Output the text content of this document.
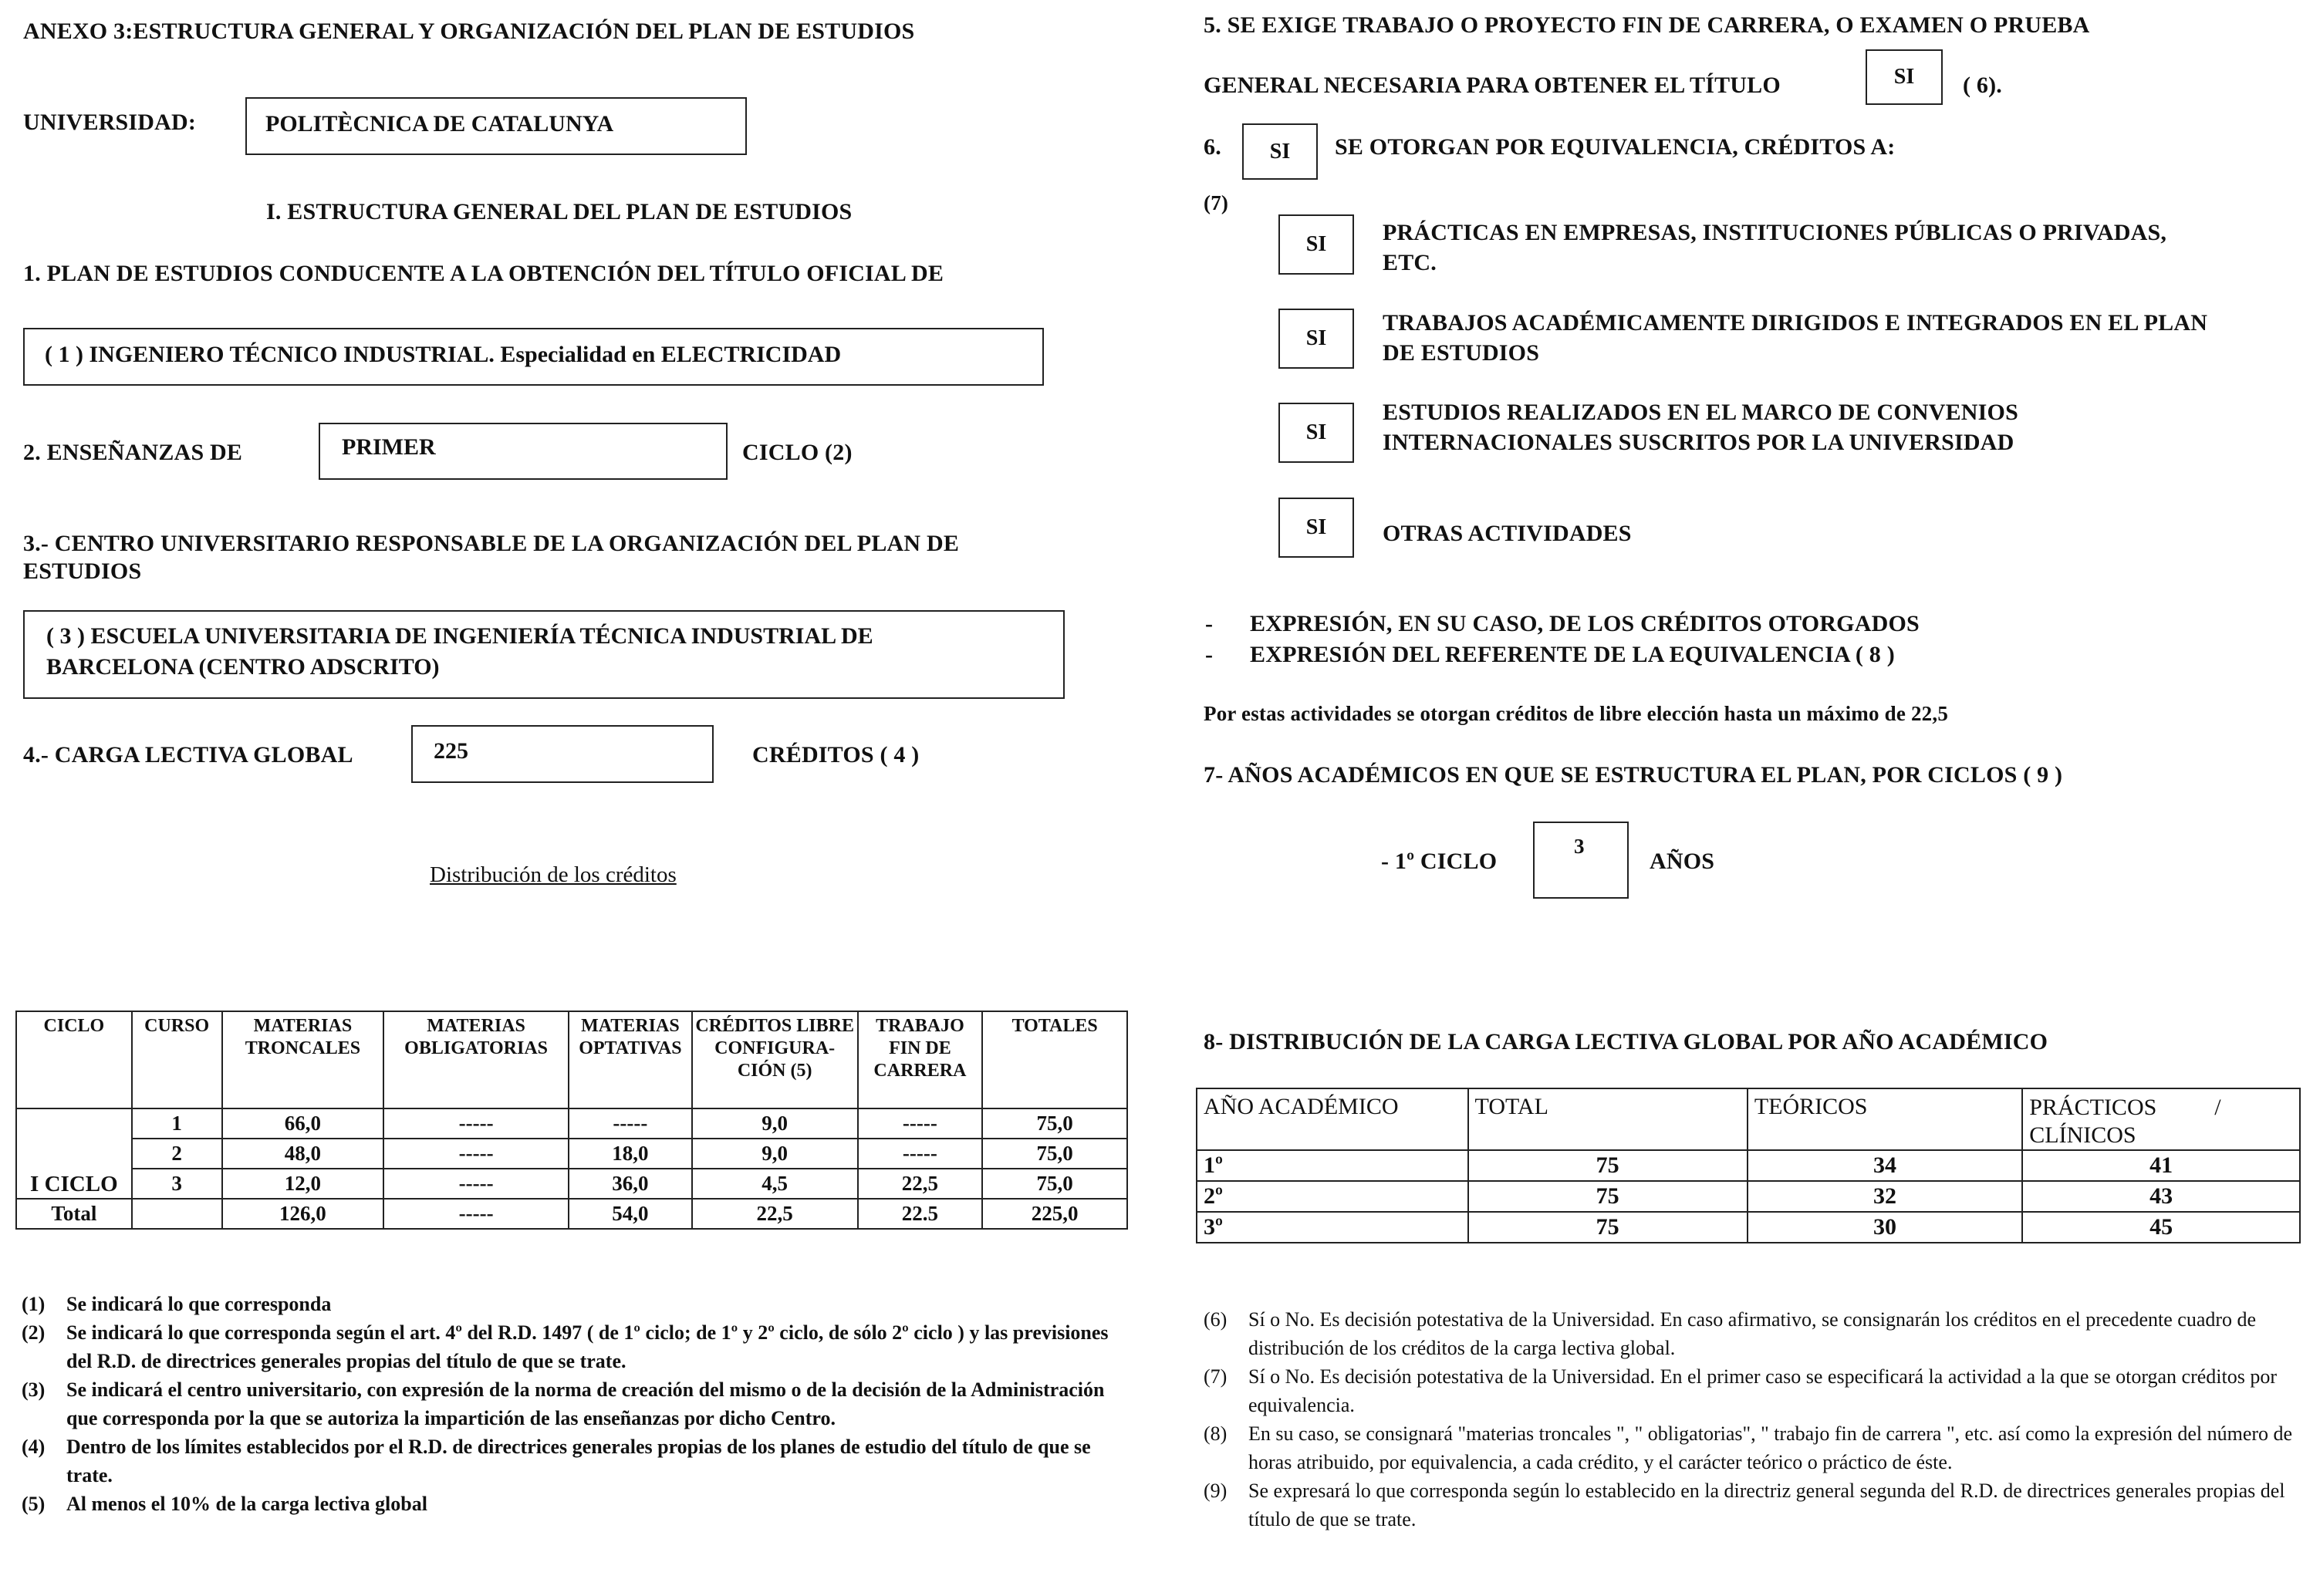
ANEXO 3:ESTRUCTURA GENERAL Y ORGANIZACIÓN DEL PLAN DE ESTUDIOS
UNIVERSIDAD:	POLITÈCNICA DE CATALUNYA
I. ESTRUCTURA GENERAL DEL PLAN DE ESTUDIOS
1. PLAN DE ESTUDIOS CONDUCENTE A LA OBTENCIÓN DEL TÍTULO OFICIAL DE
( 1 ) INGENIERO TÉCNICO INDUSTRIAL. Especialidad en ELECTRICIDAD
2. ENSEÑANZAS DE	PRIMER	CICLO (2)
3.- CENTRO UNIVERSITARIO RESPONSABLE DE LA ORGANIZACIÓN DEL PLAN DE
ESTUDIOS
( 3 ) ESCUELA UNIVERSITARIA DE INGENIERÍA TÉCNICA INDUSTRIAL DE
BARCELONA (CENTRO ADSCRITO)
4.- CARGA LECTIVA GLOBAL	225	CRÉDITOS ( 4 )
Distribución de los créditos
CICLO	CURSO	MATERIAS TRONCALES	MATERIAS OBLIGATORIAS	MATERIAS OPTATIVAS	CRÉDITOS LIBRE CONFIGURA- CIÓN (5)	TRABAJO FIN DE CARRERA	TOTALES
I CICLO	1	66,0	-----	-----	9,0	-----	75,0
	2	48,0	-----	18,0	9,0	-----	75,0
	3	12,0	-----	36,0	4,5	22,5	75,0
Total		126,0	-----	54,0	22,5	22.5	225,0
(1) Se indicará lo que corresponda
(2) Se indicará lo que corresponda según el art. 4º del R.D. 1497 ( de 1º ciclo; de 1º y 2º ciclo, de sólo 2º ciclo ) y las previsiones del R.D. de directrices generales propias del título de que se trate.
(3) Se indicará el centro universitario, con expresión de la norma de creación del mismo o de la decisión de la Administración que corresponda por la que se autoriza la impartición de las enseñanzas por dicho Centro.
(4) Dentro de los límites establecidos por el R.D. de directrices generales propias de los planes de estudio del título de que se trate.
(5) Al menos el 10% de la carga lectiva global
5. SE EXIGE TRABAJO O PROYECTO FIN DE CARRERA, O EXAMEN O PRUEBA
GENERAL NECESARIA PARA OBTENER EL TÍTULO	SI	( 6).
6.	SI	SE OTORGAN POR EQUIVALENCIA, CRÉDITOS A:
(7)
SI	PRÁCTICAS EN EMPRESAS, INSTITUCIONES PÚBLICAS O PRIVADAS,
ETC.
SI
TRABAJOS ACADÉMICAMENTE DIRIGIDOS E INTEGRADOS EN EL PLAN
DE ESTUDIOS
SI
ESTUDIOS REALIZADOS EN EL MARCO DE CONVENIOS
INTERNACIONALES SUSCRITOS POR LA UNIVERSIDAD
SI	OTRAS ACTIVIDADES
- EXPRESIÓN, EN SU CASO, DE LOS CRÉDITOS OTORGADOS
- EXPRESIÓN DEL REFERENTE DE LA EQUIVALENCIA ( 8 )
Por estas actividades se otorgan créditos de libre elección hasta un máximo de 22,5
7- AÑOS ACADÉMICOS EN QUE SE ESTRUCTURA EL PLAN, POR CICLOS ( 9 )
- 1º CICLO
3
AÑOS
8- DISTRIBUCIÓN DE LA CARGA LECTIVA GLOBAL POR AÑO ACADÉMICO
AÑO ACADÉMICO	TOTAL	TEÓRICOS	PRÁCTICOS          /
CLÍNICOS

1º	75	34	41
2º	75	32	43
3º	75	30	45
(6) Sí o No. Es decisión potestativa de la Universidad. En caso afirmativo, se consignarán los créditos en el precedente cuadro de distribución de los créditos de la carga lectiva global.
(7) Sí o No. Es decisión potestativa de la Universidad. En el primer caso se especificará la actividad a la que se otorgan créditos por equivalencia.
(8) En su caso, se consignará "materias troncales ", " obligatorias", " trabajo fin de carrera ", etc. así como la expresión del número de horas atribuido, por equivalencia, a cada crédito, y el carácter teórico o práctico de éste.
(9) Se expresará lo que corresponda según lo establecido en la directriz general segunda del R.D. de directrices generales propias del título de que se trate.
